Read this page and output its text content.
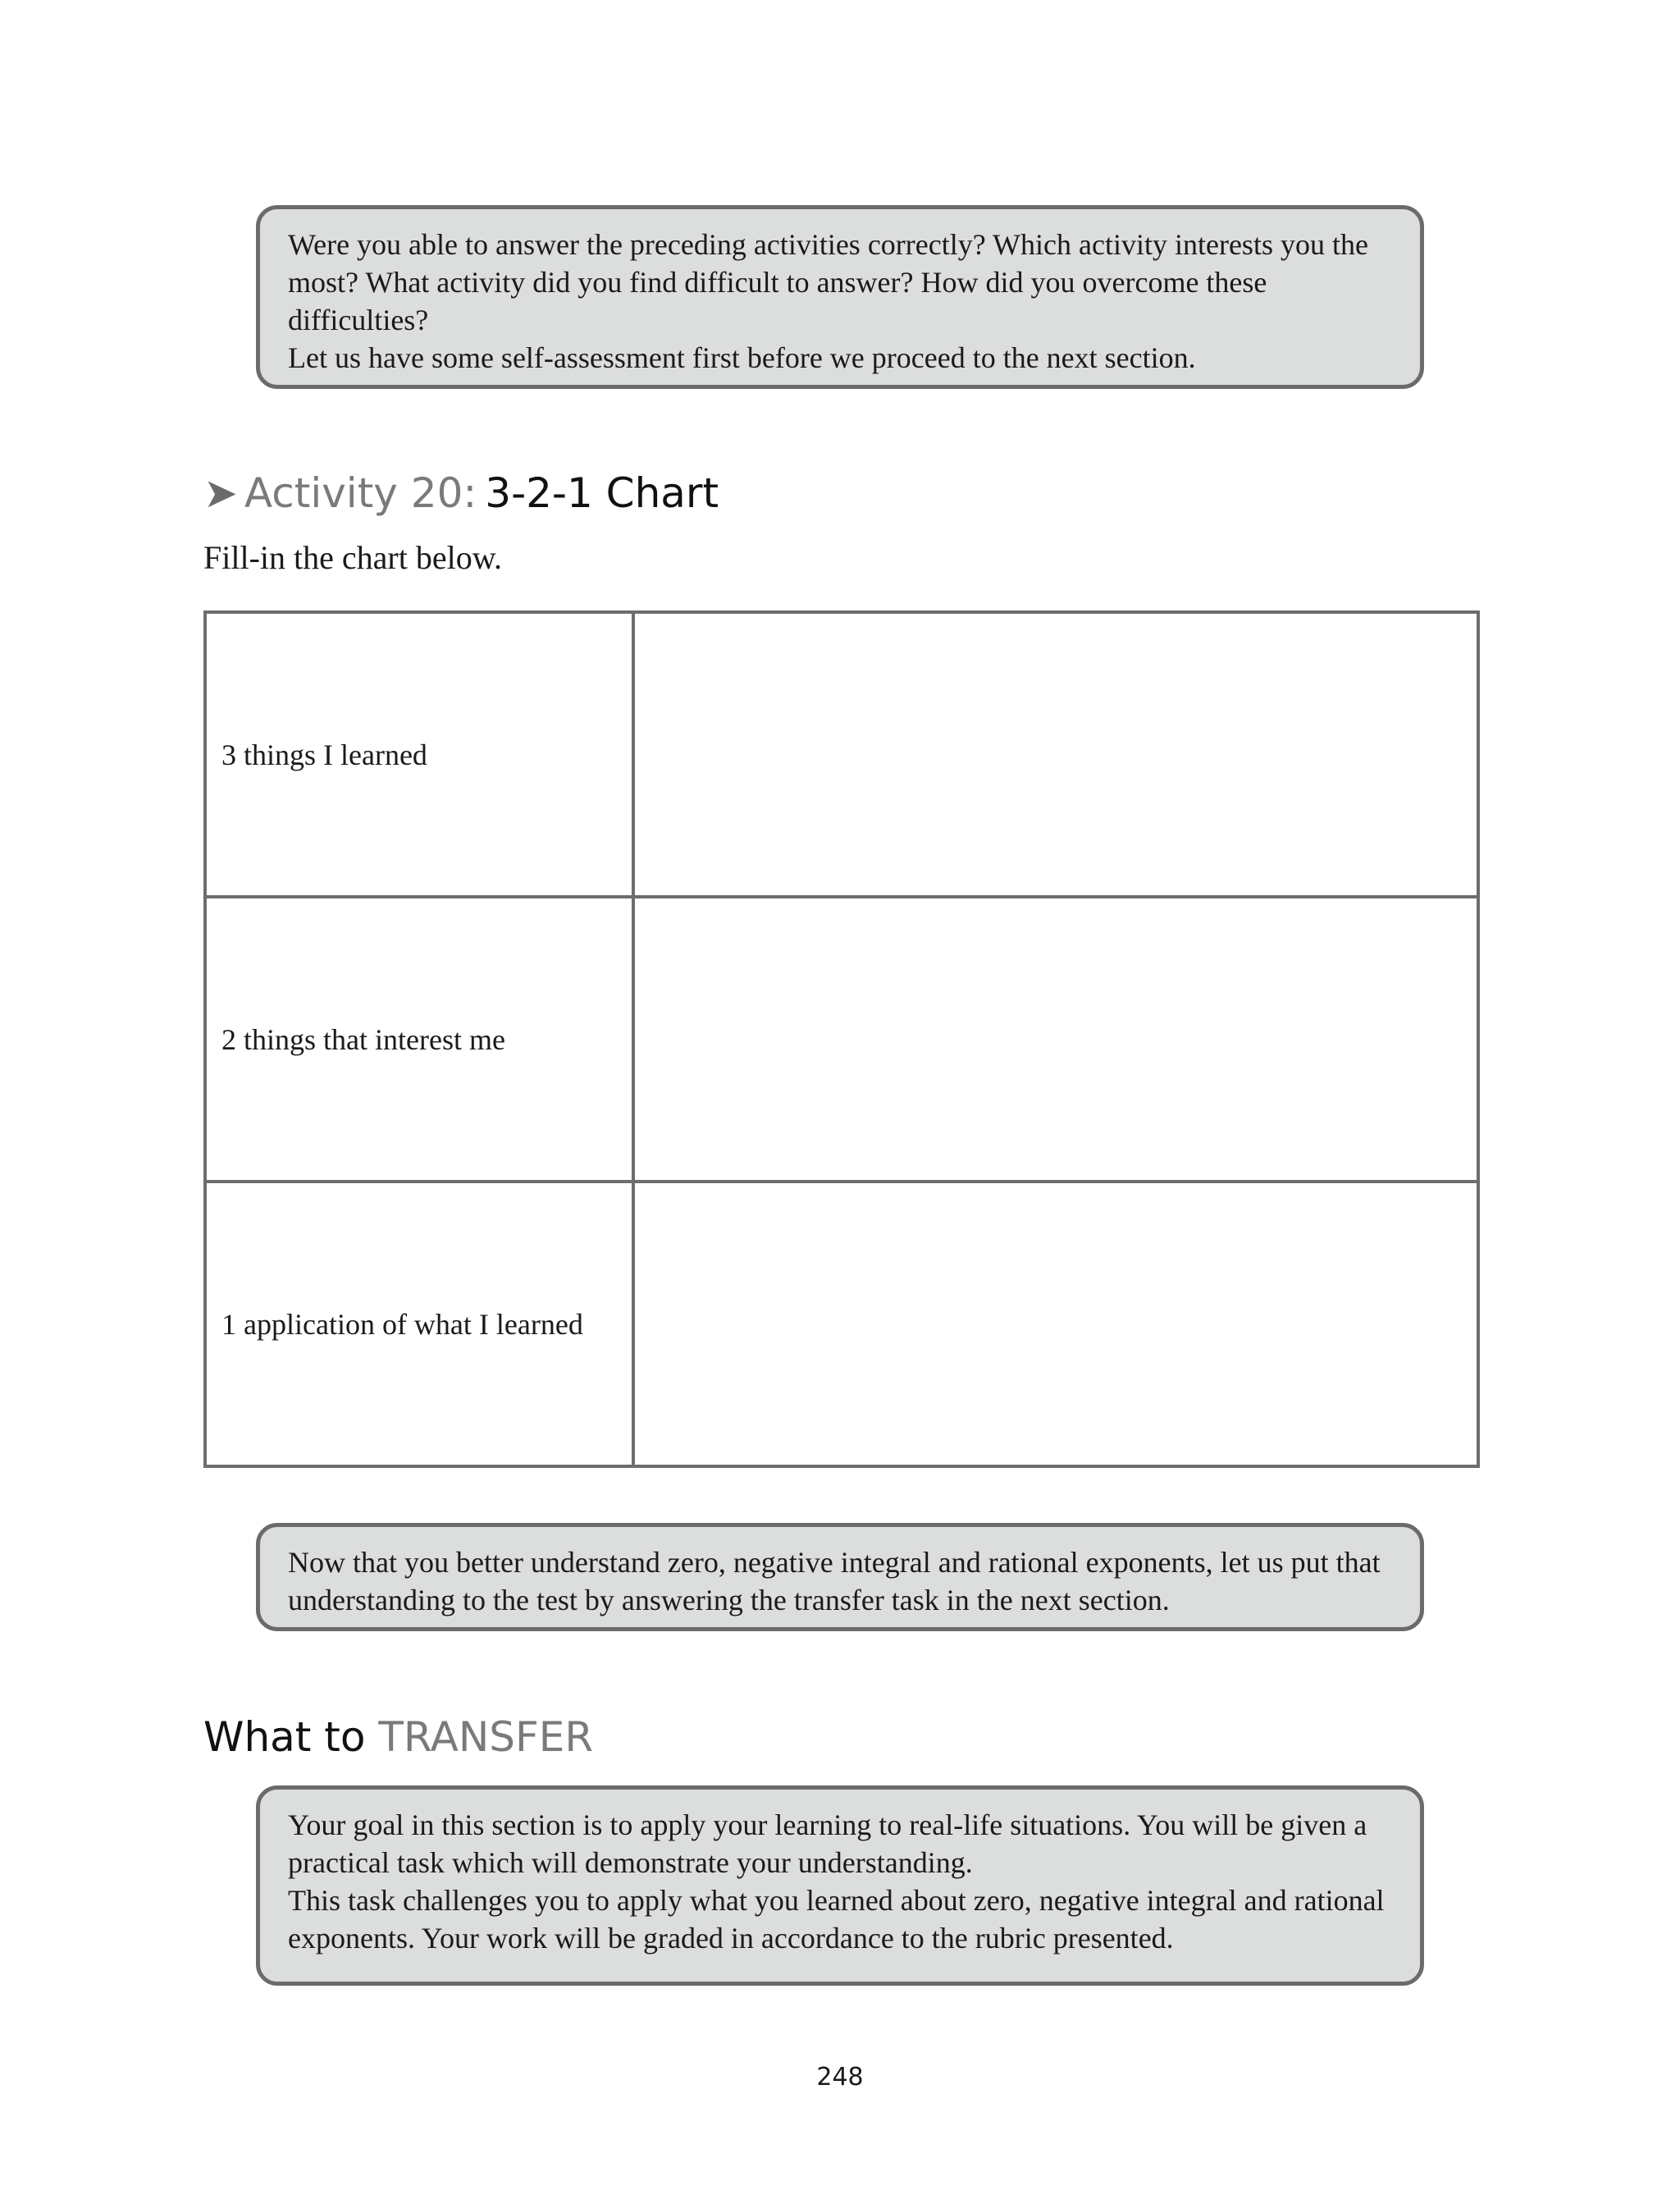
Were you able to answer the preceding activities correctly? Which activity interests you the most? What activity did you find difficult to answer? How did you overcome these difficulties?

Let us have some self-assessment first before we proceed to the next section.

➤ Activity 20: 3-2-1 Chart
Fill-in the chart below.
3 things I learned	
2 things that interest me	
1 application of what I learned	

Now that you better understand zero, negative integral and rational exponents, let us put that understanding to the test by answering the transfer task in the next section.

What to TRANSFER

Your goal in this section is to apply your learning to real-life situations. You will be given a practical task which will demonstrate your understanding.

This task challenges you to apply what you learned about zero, negative integral and rational exponents. Your work will be graded in accordance to the rubric presented.

248
